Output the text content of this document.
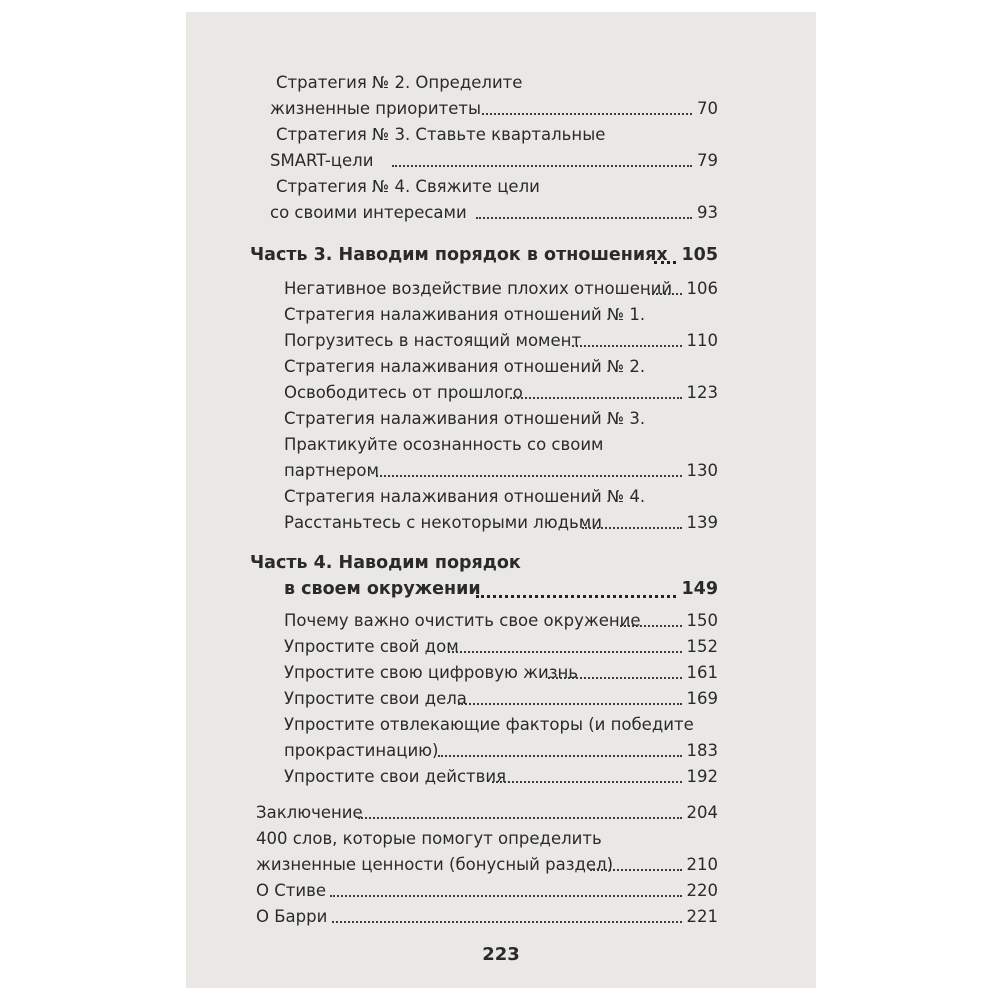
Стратегия № 2. Определите
жизненные приоритеты	70
Стратегия № 3. Ставьте квартальные
SMART-цели	79
Стратегия № 4. Свяжите цели
со своими интересами	93
Часть 3. Наводим порядок в отношениях 105
Негативное воздействие плохих отношений 106
Стратегия налаживания отношений № 1.
Погрузитесь в настоящий момент	110
Стратегия налаживания отношений № 2.
Освободитесь от прошлого	123
Стратегия налаживания отношений № 3.
Практикуйте осознанность со своим
партнером	130
Стратегия налаживания отношений № 4.
Расстаньтесь с некоторыми людьми	139
Часть 4. Наводим порядок
в своем окружении	149
Почему важно очистить свое окружение	150
Упростите свой дом	152
Упростите свою цифровую жизнь	161
Упростите свои дела	169
Упростите отвлекающие факторы (и победите
прокрастинацию)	183
Упростите свои действия	192
Заключение	204
400 слов, которые помогут определить
жизненные ценности (бонусный раздел)	210
О Стиве	220
О Барри	221
223
